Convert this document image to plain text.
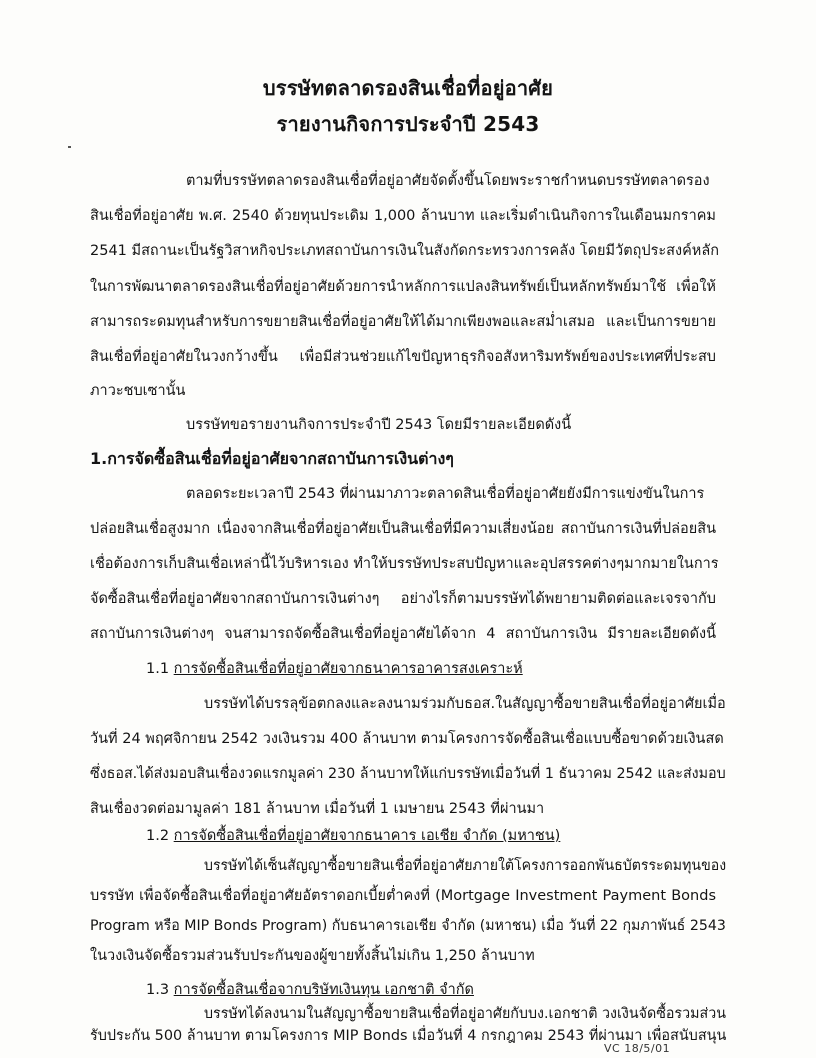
บรรษัทตลาดรองสินเชื่อที่อยู่อาศัย
รายงานกิจการประจำปี 2543
ตามที่บรรษัทตลาดรองสินเชื่อที่อยู่อาศัยจัดตั้งขึ้นโดยพระราชกำหนดบรรษัทตลาดรอง
สินเชื่อที่อยู่อาศัย พ.ศ. 2540 ด้วยทุนประเดิม 1,000 ล้านบาท และเริ่มดำเนินกิจการในเดือนมกราคม
2541 มีสถานะเป็นรัฐวิสาหกิจประเภทสถาบันการเงินในสังกัดกระทรวงการคลัง โดยมีวัตถุประสงค์หลัก
ในการพัฒนาตลาดรองสินเชื่อที่อยู่อาศัยด้วยการนำหลักการแปลงสินทรัพย์เป็นหลักทรัพย์มาใช้ เพื่อให้
สามารถระดมทุนสำหรับการขยายสินเชื่อที่อยู่อาศัยให้ได้มากเพียงพอและสม่ำเสมอ และเป็นการขยาย
สินเชื่อที่อยู่อาศัยในวงกว้างขึ้น เพื่อมีส่วนช่วยแก้ไขปัญหาธุรกิจอสังหาริมทรัพย์ของประเทศที่ประสบ
ภาวะชบเซานั้น
บรรษัทขอรายงานกิจการประจำปี 2543 โดยมีรายละเอียดดังนี้
1.การจัดซื้อสินเชื่อที่อยู่อาศัยจากสถาบันการเงินต่างๆ
ตลอดระยะเวลาปี 2543 ที่ผ่านมาภาวะตลาดสินเชื่อที่อยู่อาศัยยังมีการแข่งขันในการ
ปล่อยสินเชื่อสูงมาก เนื่องจากสินเชื่อที่อยู่อาศัยเป็นสินเชื่อที่มีความเสี่ยงน้อย สถาบันการเงินที่ปล่อยสิน
เชื่อต้องการเก็บสินเชื่อเหล่านี้ไว้บริหารเอง ทำให้บรรษัทประสบปัญหาและอุปสรรคต่างๆมากมายในการ
จัดซื้อสินเชื่อที่อยู่อาศัยจากสถาบันการเงินต่างๆ อย่างไรก็ตามบรรษัทได้พยายามติดต่อและเจรจากับ
สถาบันการเงินต่างๆ จนสามารถจัดซื้อสินเชื่อที่อยู่อาศัยได้จาก 4 สถาบันการเงิน มีรายละเอียดดังนี้
1.1 การจัดซื้อสินเชื่อที่อยู่อาศัยจากธนาคารอาคารสงเคราะห์
บรรษัทได้บรรลุข้อตกลงและลงนามร่วมกับธอส.ในสัญญาซื้อขายสินเชื่อที่อยู่อาศัยเมื่อ
วันที่ 24 พฤศจิกายน 2542 วงเงินรวม 400 ล้านบาท ตามโครงการจัดซื้อสินเชื่อแบบซื้อขาดด้วยเงินสด
ซึ่งธอส.ได้ส่งมอบสินเชื่องวดแรกมูลค่า 230 ล้านบาทให้แก่บรรษัทเมื่อวันที่ 1 ธันวาคม 2542 และส่งมอบ
สินเชื่องวดต่อมามูลค่า 181 ล้านบาท เมื่อวันที่ 1 เมษายน 2543 ที่ผ่านมา
1.2 การจัดซื้อสินเชื่อที่อยู่อาศัยจากธนาคาร เอเชีย จำกัด (มหาชน)
บรรษัทได้เซ็นสัญญาซื้อขายสินเชื่อที่อยู่อาศัยภายใต้โครงการออกพันธบัตรระดมทุนของ
บรรษัท เพื่อจัดซื้อสินเชื่อที่อยู่อาศัยอัตราดอกเบี้ยต่ำคงที่ (Mortgage Investment Payment Bonds
Program หรือ MIP Bonds Program) กับธนาคารเอเชีย จำกัด (มหาชน) เมื่อ วันที่ 22 กุมภาพันธ์ 2543
ในวงเงินจัดซื้อรวมส่วนรับประกันของผู้ขายทั้งสิ้นไม่เกิน 1,250 ล้านบาท
1.3 การจัดซื้อสินเชื่อจากบริษัทเงินทุน เอกชาติ จำกัด
VC 18/5/01
บรรษัทได้ลงนามในสัญญาซื้อขายสินเชื่อที่อยู่อาศัยกับบง.เอกชาติ วงเงินจัดซื้อรวมส่วน
รับประกัน 500 ล้านบาท ตามโครงการ MIP Bonds เมื่อวันที่ 4 กรกฎาคม 2543 ที่ผ่านมา เพื่อสนับสนุน
